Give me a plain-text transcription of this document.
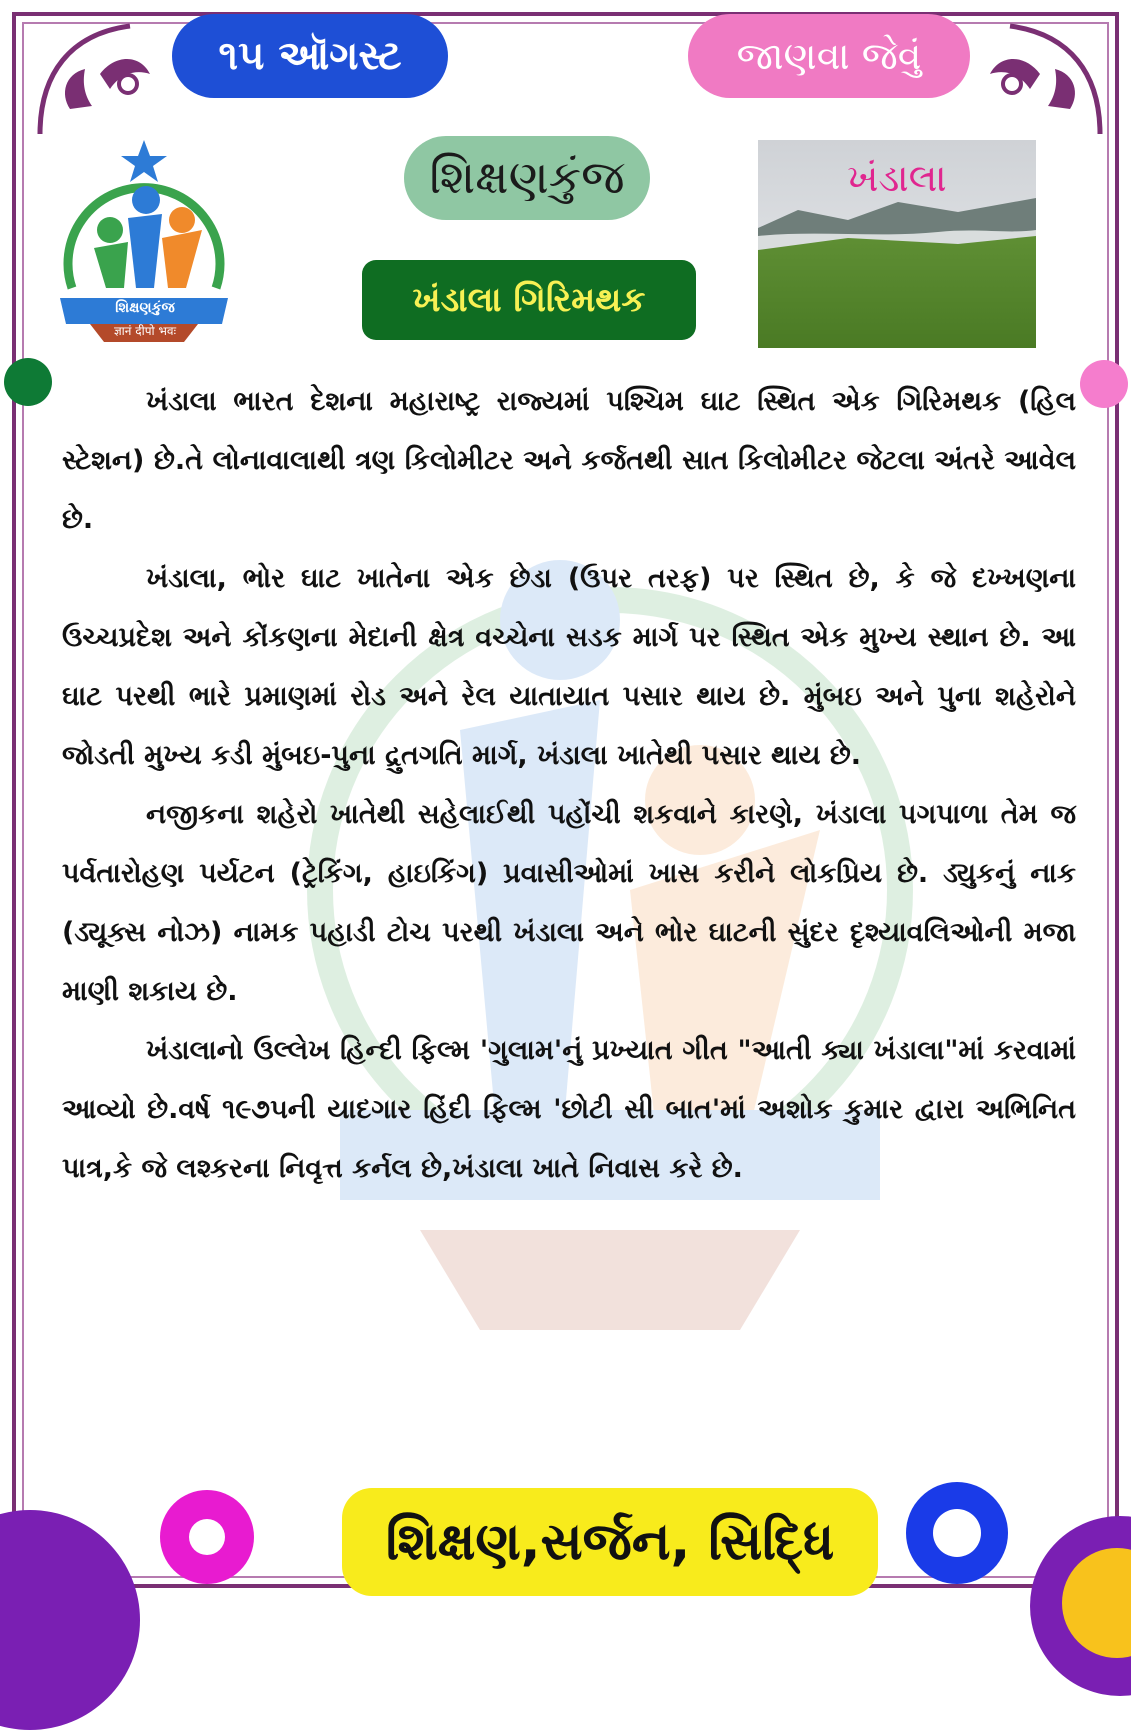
૧૫ ઑગસ્ટ	જાણવા જેવું
શિક્ષણકુંજ
ખંડાલા ગિરિમથક
શિક્ષણકુંજ
ज्ञानं दीपो भवः
ખંડાલા

ખંડાલા ભારત દેશના મહારાષ્ટ્ર રાજ્યમાં પશ્ચિમ ઘાટ સ્થિત એક ગિરિમથક (હિલ સ્ટેશન) છે.તે લોનાવાલાથી ત્રણ કિલોમીટર અને કર્જતથી સાત કિલોમીટર જેટલા અંતરે આવેલ છે.

ખંડાલા, ભોર ઘાટ ખાતેના એક છેડા (ઉપર તરફ) પર સ્થિત છે, કે જે દખ્ખણના ઉચ્ચપ્રદેશ અને કોંકણના મેદાની ક્ષેત્ર વચ્ચેના સડક માર્ગ પર સ્થિત એક મુખ્ય સ્થાન છે. આ ઘાટ પરથી ભારે પ્રમાણમાં રોડ અને રેલ યાતાયાત પસાર થાય છે. મુંબઇ અને પુના શહેરોને જોડતી મુખ્ય કડી મુંબઇ-પુના દ્રુતગતિ માર્ગ, ખંડાલા ખાતેથી પસાર થાય છે.

નજીકના શહેરો ખાતેથી સહેલાઈથી પહોંચી શકવાને કારણે, ખંડાલા પગપાળા તેમ જ પર્વતારોહણ પર્યટન (ટ્રેકિંગ, હાઇકિંગ) પ્રવાસીઓમાં ખાસ કરીને લોકપ્રિય છે. ડ્યુકનું નાક (ડ્યૂક્સ નોઝ) નામક પહાડી ટોચ પરથી ખંડાલા અને ભોર ઘાટની સુંદર દૃશ્યાવલિઓની મજા માણી શકાય છે.

ખંડાલાનો ઉલ્લેખ હિન્દી ફિલ્મ 'ગુલામ'નું પ્રખ્યાત ગીત "આતી ક્યા ખંડાલા"માં કરવામાં આવ્યો છે.વર્ષ ૧૯૭૫ની યાદગાર હિંદી ફિલ્મ 'છોટી સી બાત'માં અશોક કુમાર દ્વારા અભિનિત પાત્ર,કે જે લશ્કરના નિવૃત્ત કર્નલ છે,ખંડાલા ખાતે નિવાસ કરે છે.

શિક્ષણ,સર્જન, સિદ્ધિ
